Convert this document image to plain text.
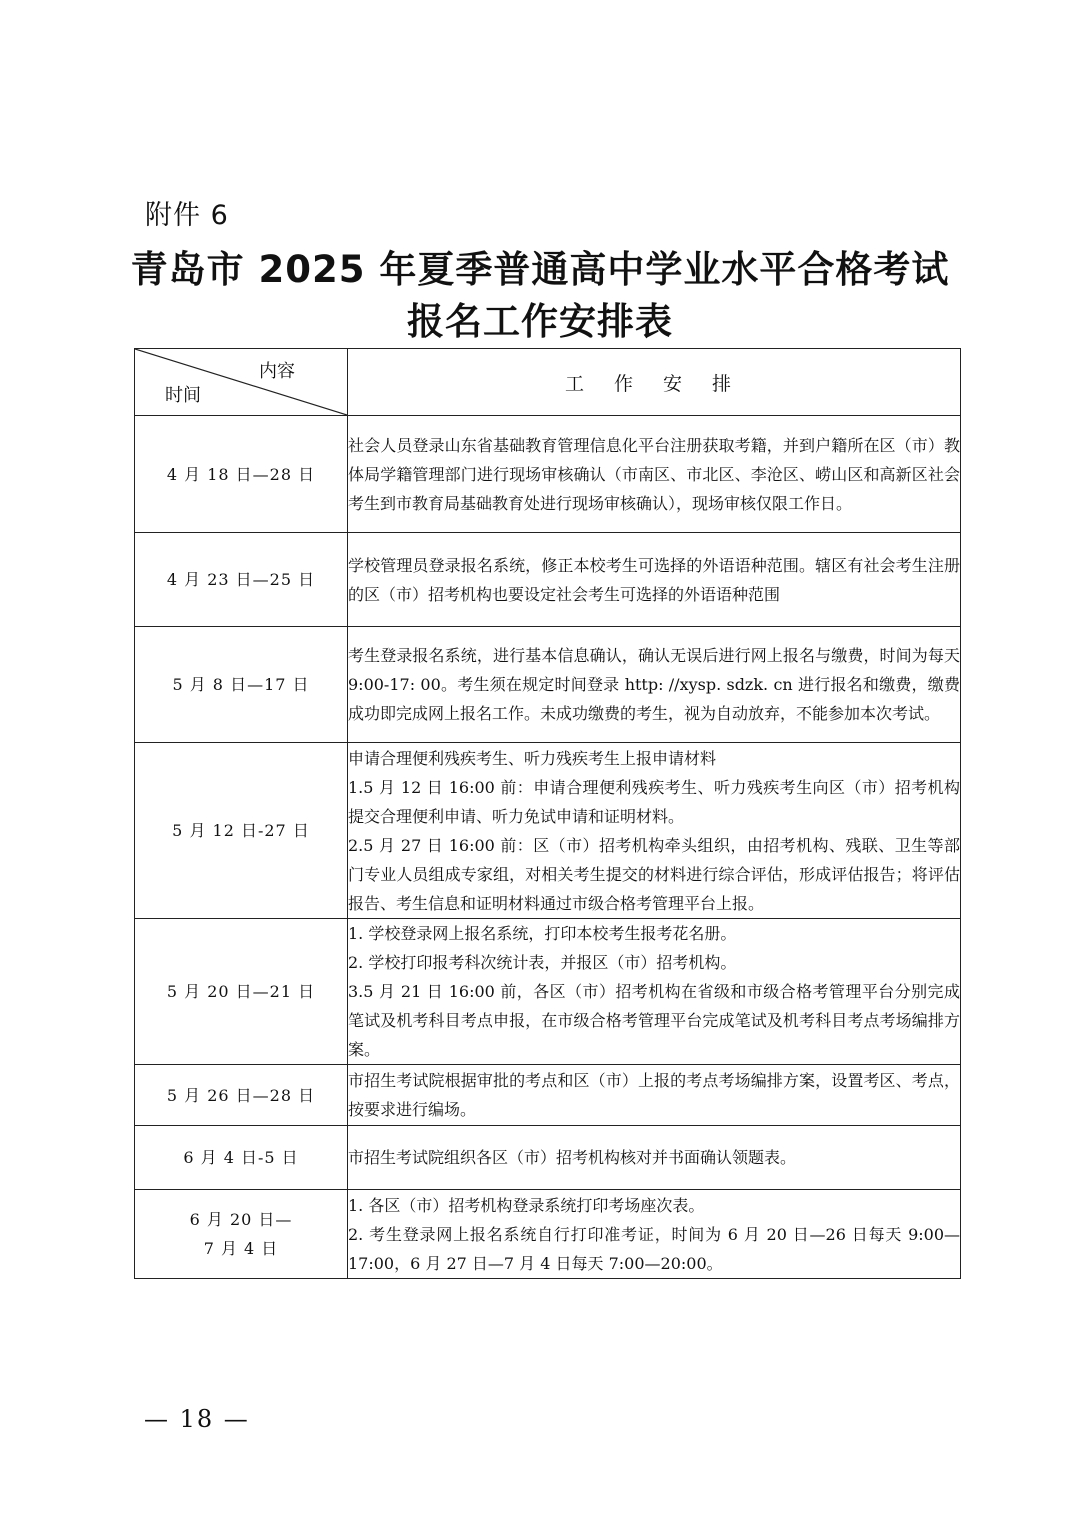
附件 6
青岛市 2025 年夏季普通高中学业水平合格考试
报名工作安排表
内容
时间	工 作 安 排

4 月 18 日—28 日	社会人员登录山东省基础教育管理信息化平台注册获取考籍，并到户籍所在区（市）教体局学籍管理部门进行现场审核确认（市南区、市北区、李沧区、崂山区和高新区社会考生到市教育局基础教育处进行现场审核确认），现场审核仅限工作日。

4 月 23 日—25 日	学校管理员登录报名系统，修正本校考生可选择的外语语种范围。辖区有社会考生注册的区（市）招考机构也要设定社会考生可选择的外语语种范围

5 月 8 日—17 日	考生登录报名系统，进行基本信息确认，确认无误后进行网上报名与缴费，时间为每天 9:00-17: 00。考生须在规定时间登录 http: //xysp. sdzk. cn 进行报名和缴费，缴费成功即完成网上报名工作。未成功缴费的考生，视为自动放弃，不能参加本次考试。

5 月 12 日-27 日	申请合理便利残疾考生、听力残疾考生上报申请材料
1.5 月 12 日 16:00 前：申请合理便利残疾考生、听力残疾考生向区（市）招考机构提交合理便利申请、听力免试申请和证明材料。
2.5 月 27 日 16:00 前：区（市）招考机构牵头组织，由招考机构、残联、卫生等部门专业人员组成专家组，对相关考生提交的材料进行综合评估，形成评估报告；将评估报告、考生信息和证明材料通过市级合格考管理平台上报。

5 月 20 日—21 日	1. 学校登录网上报名系统，打印本校考生报考花名册。
2. 学校打印报考科次统计表，并报区（市）招考机构。
3.5 月 21 日 16:00 前，各区（市）招考机构在省级和市级合格考管理平台分别完成笔试及机考科目考点申报，在市级合格考管理平台完成笔试及机考科目考点考场编排方案。

5 月 26 日—28 日	市招生考试院根据审批的考点和区（市）上报的考点考场编排方案，设置考区、考点，按要求进行编场。

6 月 4 日-5 日	市招生考试院组织各区（市）招考机构核对并书面确认领题表。

6 月 20 日—
7 月 4 日	1. 各区（市）招考机构登录系统打印考场座次表。
2. 考生登录网上报名系统自行打印准考证，时间为 6 月 20 日—26 日每天 9:00—17:00，6 月 27 日—7 月 4 日每天 7:00—20:00。
— 18 —
